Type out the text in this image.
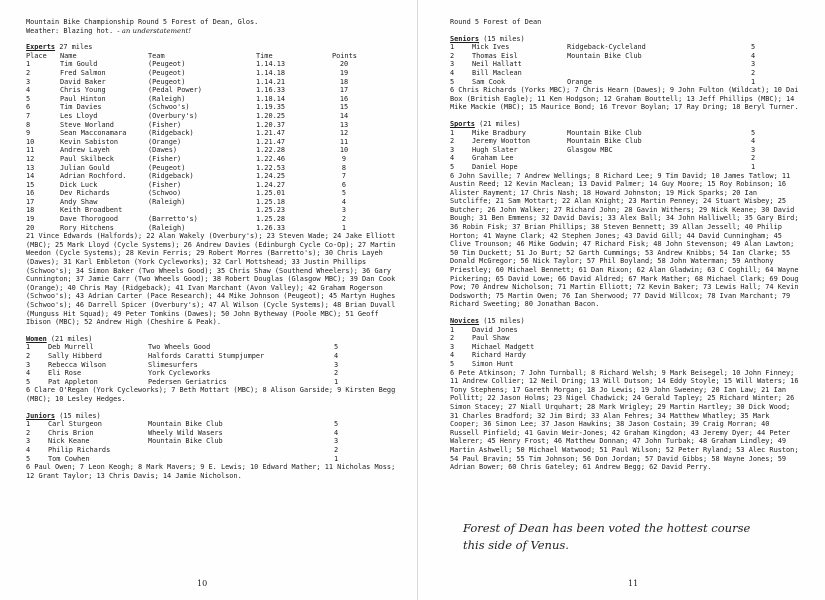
Mountain Bike Championship Round 5 Forest of Dean, Glos.
Weather: Blazing hot. - an understatement!
Experts 27 miles
Place Name	Team	Time	Points
1	Tim Gould	(Peugeot)	1.14.13	20
2	Fred Salmon	(Peugeot)	1.14.18	19
3	David Baker	(Peugeot)	1.14.21	18
4	Chris Young	(Pedal Power)	1.16.33	17
5	Paul Hinton	(Raleigh)	1.18.14	16
6	Tim Davies	(Schwoo's)	1.19.35	15
7	Les Lloyd	(Overbury's)	1.20.25	14
8	Steve Worland	(Fisher)	1.20.37	13
9	Sean Macconamara	(Ridgeback)	1.21.47	12
10	Kevin Sabiston	(Orange)	1.21.47	11
11	Andrew Layeh	(Dawes)	1.22.28	10
12	Paul Skilbeck	(Fisher)	1.22.46	9
13	Julian Gould	(Peugeot)	1.22.53	8
14	Adrian Rochford.	(Ridgeback)	1.24.25	7
15	Dick Luck	(Fisher)	1.24.27	6
16	Dev Richards	(Schwoo)	1.25.01	5
17	Andy Shaw	(Raleigh)	1.25.18	4
18	Keith Broadbent	1.25.23	3
19	Dave Thorogood	(Barretto's)	1.25.28	2
20	Rory Hitchens	(Raleigh)	1.26.33	1
21 Vince Edwards (Halfords); 22 Alan Wakely (Overbury's); 23 Steven Wade; 24 Jake Elliott (MBC); 25 Mark Lloyd (Cycle Systems); 26 Andrew Davies (Edinburgh Cycle Co-Op); 27 Martin Weedon (Cycle Systems); 28 Kevin Ferris; 29 Robert Morres (Barretto's); 30 Chris Layeh (Dawes); 31 Karl Embleton (York Cycleworks); 32 Carl Mottshead; 33 Justin Phillips (Schwoo's); 34 Simon Baker (Two Wheels Good); 35 Chris Shaw (Southend Wheelers); 36 Gary Cunnington; 37 Jamie Carr (Two Wheels Good); 38 Robert Douglas (Glasgow MBC); 39 Dan Cook (Orange); 40 Chris May (Ridgeback); 41 Ivan Marchant (Avon Valley); 42 Graham Rogerson (Schwoo's); 43 Adrian Carter (Pace Research); 44 Mike Johnson (Peugeot); 45 Martyn Hughes (Schwoo's); 46 Darrell Spicer (Overbury's); 47 Al Wilson (Cycle Systems); 48 Brian Duvall (Munguss Hit Squad); 49 Peter Tomkins (Dawes); 50 John Bytheway (Poole MBC); 51 Geoff Ibison (MBC); 52 Andrew High (Cheshire & Peak).
Women (21 miles)
1	Deb Murrell	Two Wheels Good	5
2	Sally Hibberd	Halfords Caratti Stumpjumper	4
3	Rebecca Wilson	Slimesurfers	3
4	Eli Rose	York Cycleworks	2
5	Pat Appleton	Pedersen Geriatrics	1
6 Clare O'Regan (York Cycleworks); 7 Beth Mottart (MBC); 8 Alison Garside; 9 Kirsten Begg (MBC); 10 Lesley Hedges.
Juniors (15 miles)
1	Carl Sturgeon	Mountain Bike Club	5
2	Chris Brion	Wheely Wild Wasers	4
3	Nick Keane	Mountain Bike Club	3
4	Philip Richards	2
5	Tom Cowhen	1
6 Paul Owen; 7 Leon Keogh; 8 Mark Mavers; 9 E. Lewis; 10 Edward Mather; 11 Nicholas Moss; 12 Grant Taylor; 13 Chris Davis; 14 Jamie Nicholson.
10
Round 5 Forest of Dean
Seniors (15 miles)
1	Mick Ives	Ridgeback-Cycleland	5
2	Thomas Eisl	Mountain Bike Club	4
3	Neil Hallatt	3
4	Bill Maclean	2
5	Sam Cook	Orange	1
6 Chris Richards (Yorks MBC); 7 Chris Hearn (Dawes); 9 John Fulton (Wildcat); 10 Dai Box (British Eagle); 11 Ken Hodgson; 12 Graham Bouttell; 13 Jeff Phillips (MBC); 14 Mike Mackie (MBC); 15 Maurice Bond; 16 Trevor Boylan; 17 Ray Dring; 18 Beryl Turner.
Sports (21 miles)
1	Mike Bradbury	Mountain Bike Club	5
2	Jeremy Wootton	Mountain Bike Club	4
3	Hugh Slater	Glasgow MBC	3
4	Graham Lee	2
5	Daniel Hope	1
6 John Saville; 7 Andrew Wellings; 8 Richard Lee; 9 Tim David; 10 James Tatlow; 11 Austin Reed; 12 Kevin Maclean; 13 David Palmer; 14 Guy Moore; 15 Roy Robinson; 16 Alister Rayment; 17 Chris Nash; 18 Howard Johnston; 19 Mick Sparks; 20 Ian Sutcliffe; 21 Sam Mottart; 22 Alan Knight; 23 Martin Penney; 24 Stuart Wisbey; 25 Butcher; 26 John Walker; 27 Richard John; 28 Gavin Withers; 29 Nick Keane; 30 David Bough; 31 Ben Emmens; 32 David Davis; 33 Alex Ball; 34 John Halliwell; 35 Gary Bird; 36 Robin Fisk; 37 Brian Phillips; 38 Steven Bennett; 39 Allan Jessell; 40 Philip Horton; 41 Wayne Clark; 42 Stephen Jones; 43 David Gill; 44 David Cunningham; 45 Clive Trounson; 46 Mike Godwin; 47 Richard Fisk; 48 John Stevenson; 49 Alan Lawton; 50 Tim Duckett; 51 Jo Burt; 52 Garth Cummings; 53 Andrew Knibbs; 54 Ian Clarke; 55 Donald McGregor; 56 Nick Taylor; 57 Phil Boyland; 58 John Waterman; 59 Anthony Priestley; 60 Michael Bennett; 61 Dan Rixon; 62 Alan Gladwin; 63 C Coghill; 64 Wayne Pickering; 65 David Lowe; 66 David Aldred; 67 Mark Mather; 68 Michael Clark; 69 Doug Pow; 70 Andrew Nicholson; 71 Martin Elliott; 72 Kevin Baker; 73 Lewis Hall; 74 Kevin Dodsworth; 75 Martin Owen; 76 Ian Sherwood; 77 David Willcox; 78 Ivan Marchant; 79 Richard Sweeting; 80 Jonathan Bacon.
Novices (15 miles)
1	David Jones
2	Paul Shaw
3	Michael Madgett
4	Richard Hardy
5	Simon Hunt
6 Pete Atkinson; 7 John Turnball; 8 Richard Welsh; 9 Mark Beisegel; 10 John Finney; 11 Andrew Collier; 12 Neil Dring; 13 Will Dutson; 14 Eddy Stoyle; 15 Will Waters; 16 Tony Stephens; 17 Gareth Morgan; 18 Jo Lewis; 19 John Sweeney; 20 Ian Law; 21 Ian Pollitt; 22 Jason Holms; 23 Nigel Chadwick; 24 Gerald Tapley; 25 Richard Winter; 26 Simon Stacey; 27 Niall Urquhart; 28 Mark Wrigley; 29 Martin Hartley; 30 Dick Wood; 31 Charles Bradford; 32 Jim Bird; 33 Alan Fehres; 34 Matthew Whatley; 35 Mark Cooper; 36 Simon Lee; 37 Jason Hawkins; 38 Jason Costain; 39 Craig Morran; 40 Russell Pinfield; 41 Gavin Weir-Jones; 42 Graham Kingdon; 43 Jeremy Dyer; 44 Peter Walerer; 45 Henry Frost; 46 Matthew Donnan; 47 John Turbak; 48 Graham Lindley; 49 Martin Ashwell; 50 Michael Watwood; 51 Paul Wilson; 52 Peter Ryland; 53 Alec Ruston; 54 Paul Bravin; 55 Tim Johnson; 56 Don Jordan; 57 David Gibbs; 58 Wayne Jones; 59 Adrian Bower; 60 Chris Gateley; 61 Andrew Begg; 62 David Perry.
Forest of Dean has been voted the hottest course this side of Venus.
11
